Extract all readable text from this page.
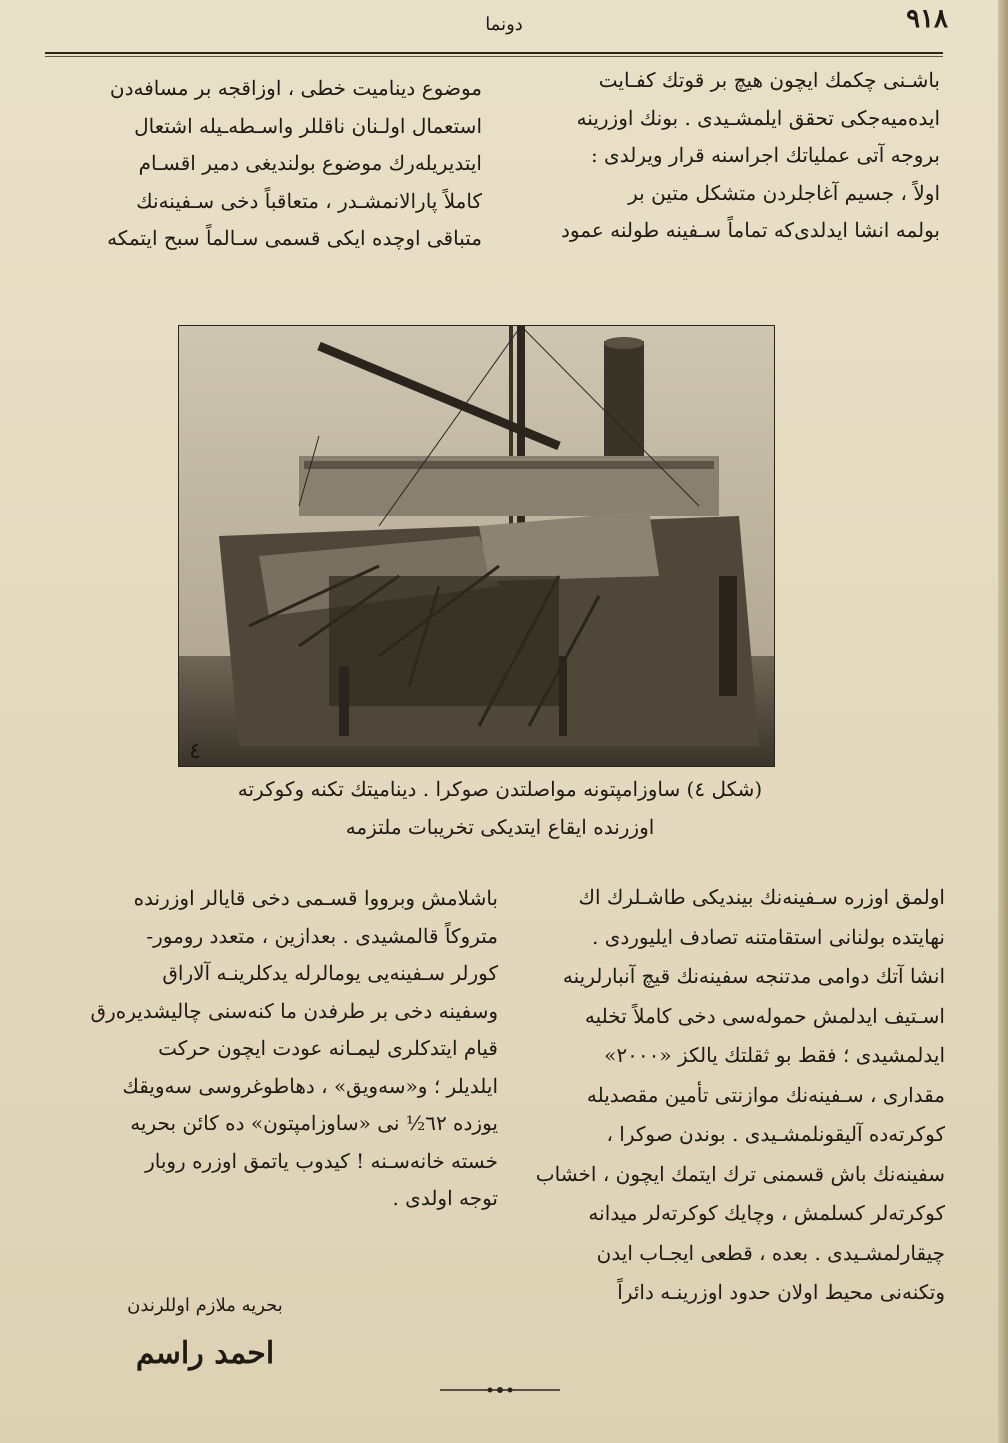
٩١٨
دونما

باشـنی چکمك ایچون هیچ بر قوتك کفـایت

ایده‌میه‌جکی تحقق ایلمشـیدی . بونك اوزرینه

بروجه آتی عملیاتك اجراسنه قرار ویرلدی :

اولاً ، جسیم آغاجلردن متشکل متین بر

بولمه انشا ایدلدی‌که تماماً سـفینه طولنه عمود

موضوع دینامیت خطی ، اوزاقجه بر مسافه‌دن

استعمال اولـنان ناقللر واسـطه‌ـیله اشتعال

ایتدیریله‌رك موضوع بولندیغی دمیر اقسـام

کاملاً پارالانمشـدر ، متعاقباً دخی سـفینه‌نك

متباقی اوچده ایکی قسمی سـالماً سبح ایتمکه

٤
(شکل ٤) ساوزامپتونه مواصلتدن صوکرا . دینامیتك تکنه وکوکرته
اوزرنده ایقاع ایتدیکی تخریبات ملتزمه

اولمق اوزره سـفینه‌نك بیندیکی طاشـلرك اك

نهایتده بولنانی استقامتنه تصادف ایلیوردی .

انشا آتك دوامی مدتنجه سفینه‌نك قیچ آنبارلرینه

اسـتیف ایدلمش حموله‌سی دخی کاملاً تخلیه

ایدلمشیدی ؛ فقط بو ثقلتك یالکز «٢٠٠٠»

مقداری ، سـفینه‌نك موازنتی تأمین مقصدیله

کوکرته‌ده آلیقونلمشـیدی . بوندن صوکرا ،

سفینه‌نك باش قسمنی ترك ایتمك ایچون ، اخشاب

کوکرته‌لر کسلمش ، وچایك کوکرته‌لر میدانه

چیقارلمشـیدی . بعده ، قطعی ایجـاب ایدن

وتکنه‌نی محیط اولان حدود اوزرینـه دائراً

باشلامش وبرووا قسـمی دخی قایالر اوزرنده

متروکاً قالمشیدی . بعدازین ، متعدد رومور-

کورلر سـفینه‌یی یومالرله یدکلرینـه آلاراق

وسفینه دخی بر طرفدن ما کنه‌سنی چالیشدیره‌رق

قیام ایتدکلری لیمـانه عودت ایچون حرکت

ایلدیلر ؛ و«سه‌ویق» ، دهاطوغروسی سه‌ویقك

یوزده ٦٢½ نی «ساوزامپتون» ده کائن بحریه

خسته خانه‌سـنه ! کیدوب یاتمق اوزره روبار

توجه اولدی .

بحریه ملازم اوللرندن
احمد راسم
